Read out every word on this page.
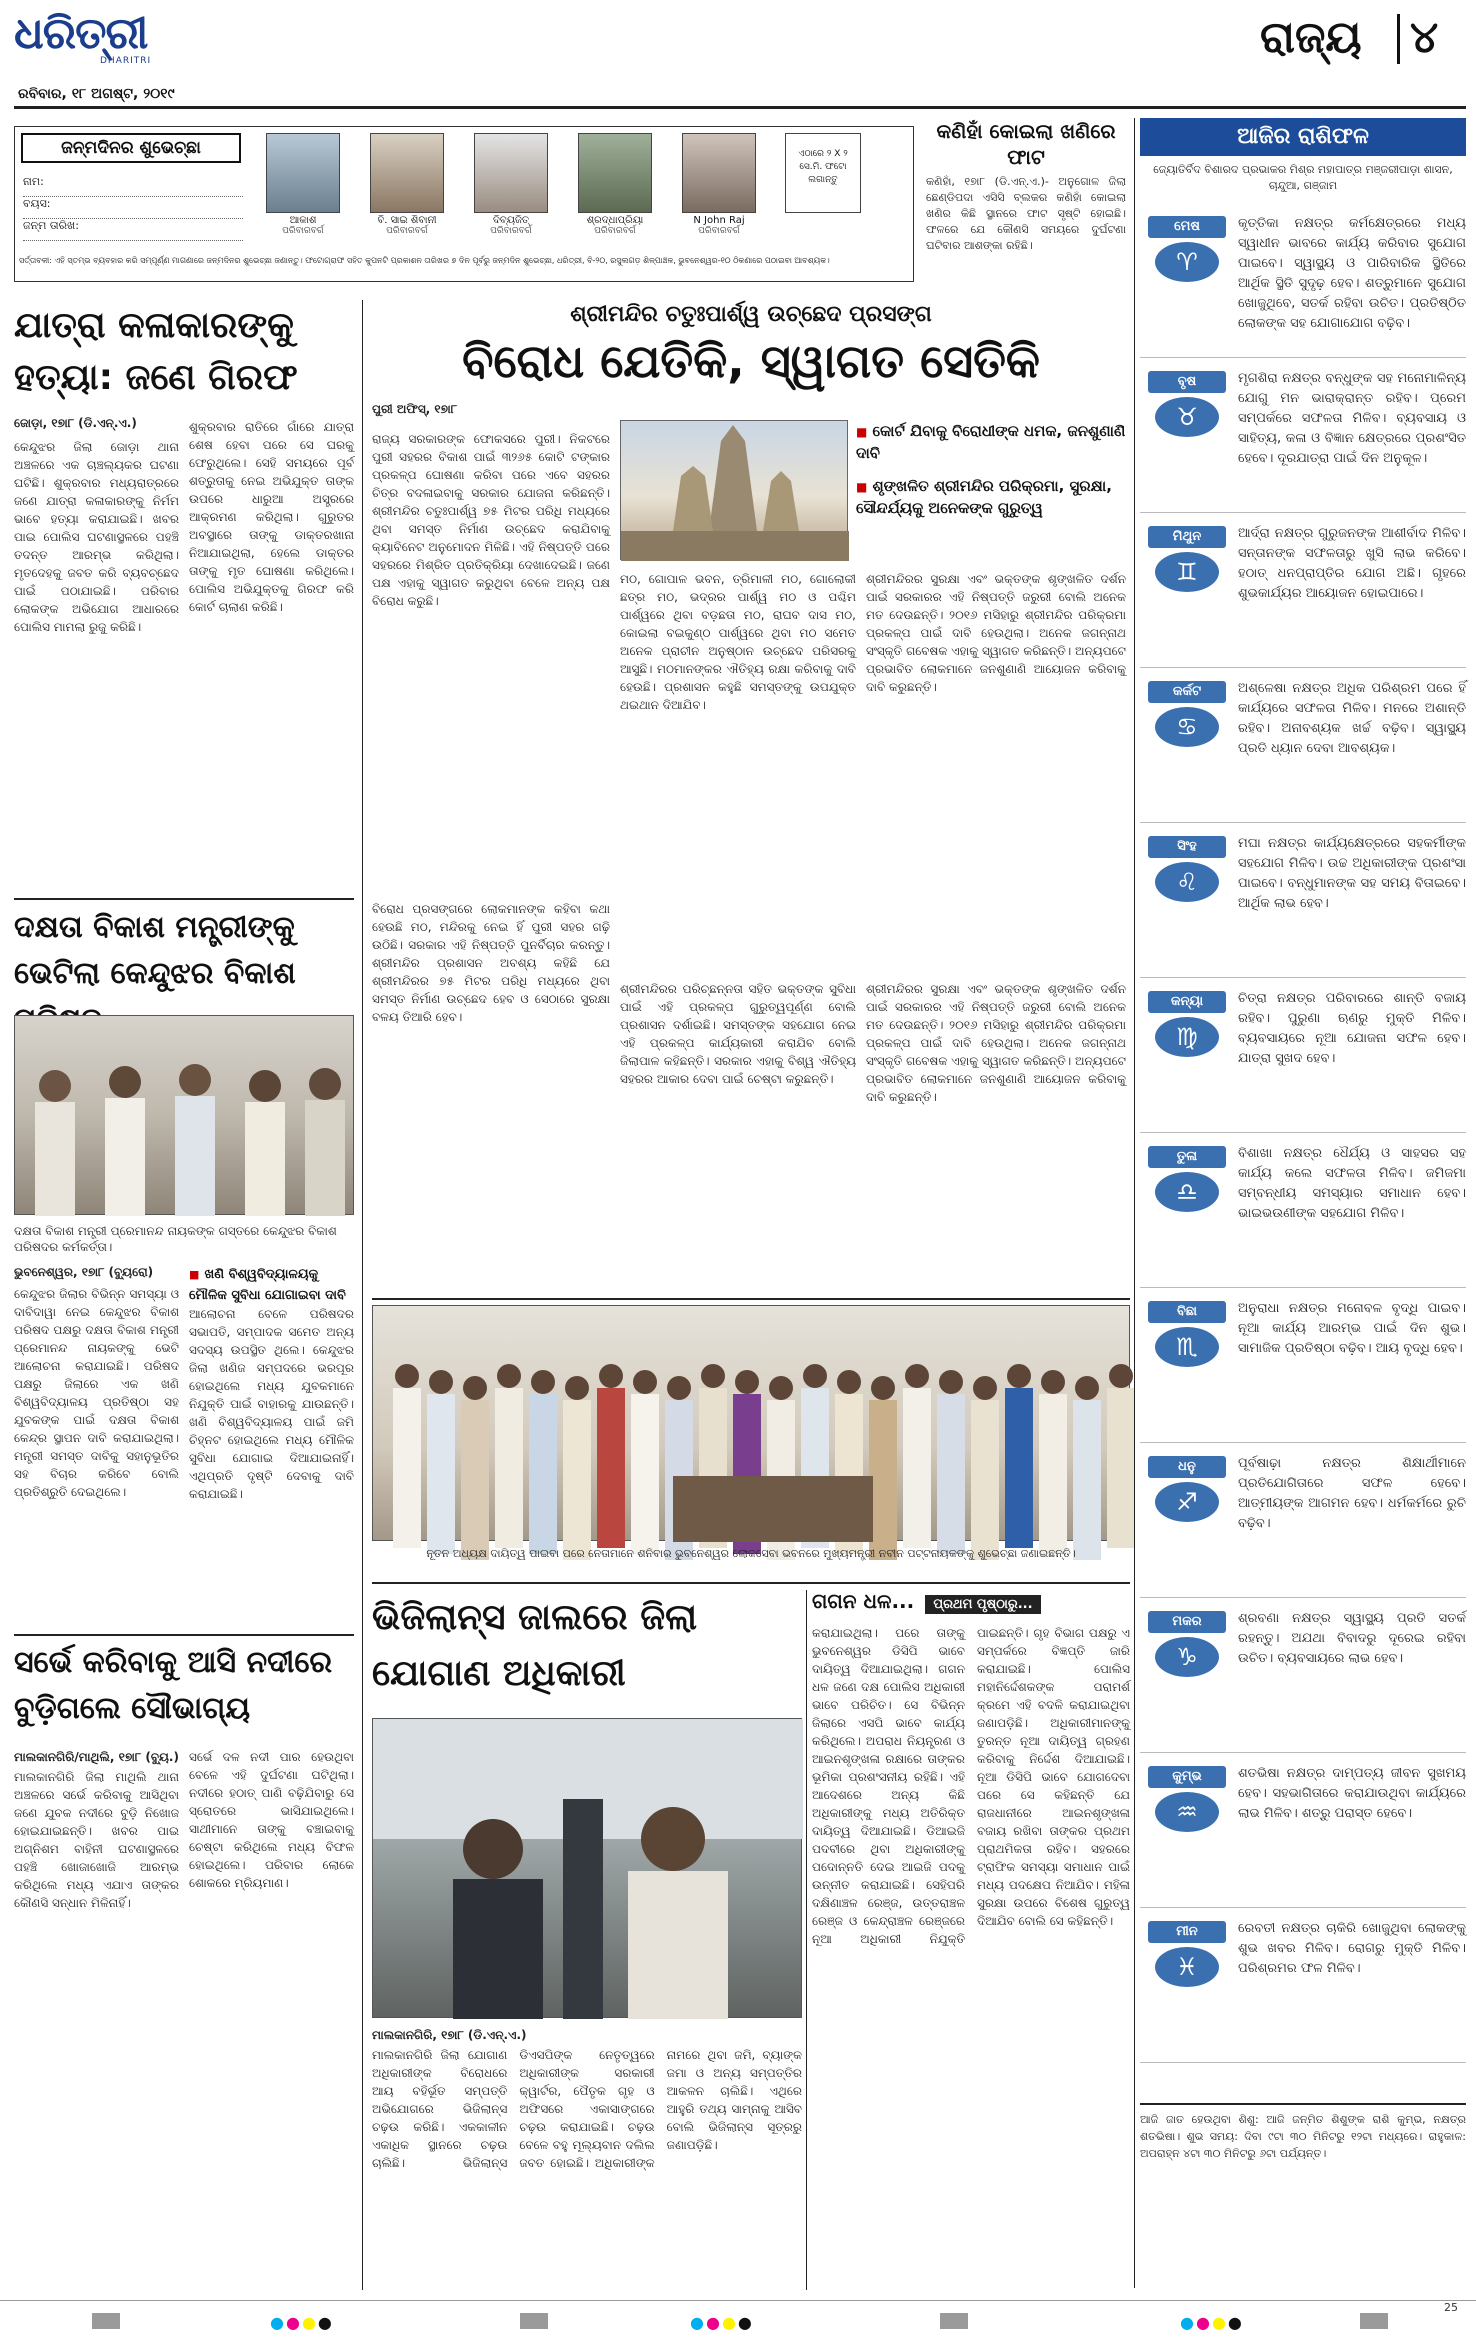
ଧରିତ୍ରୀ
DHARITRI
ରବିବାର, ୧୮ ଅଗଷ୍ଟ, ୨୦୧୯
ରାଜ୍ୟ ୪
ଜନ୍ମଦିନର ଶୁଭେଚ୍ଛା
ନାମ:
ବୟସ:
ଜନ୍ମ ତାରିଖ:	ଆକାଶ
ପରିବାରବର୍ଗ
ବି. ସାଇ ଶିବାନୀ
ପରିବାରବର୍ଗ
ଦିବ୍ୟଜିତ୍
ପରିବାରବର୍ଗ
ଶ୍ରଦ୍ଧାପ୍ରିୟା
ପରିବାରବର୍ଗ
N John Raj
ପରିବାରବର୍ଗ
ଏଠାରେ ୨ X ୨ ସେ.ମି. ଫଟୋ ଲଗାନ୍ତୁ
ସର୍ତ୍ତାବଳୀ: ଏହି ସ୍ତମ୍ଭ ବ୍ୟବହାର କରି ସମ୍ପୂର୍ଣ୍ଣ ମାଗଣାରେ ଜନ୍ମଦିନର ଶୁଭେଚ୍ଛା ଜଣାନ୍ତୁ। ଫଟୋଗ୍ରାଫ ସହିତ କୁପନଟି ପ୍ରକାଶନ ତାରିଖର ୭ ଦିନ ପୂର୍ବରୁ ଜନ୍ମଦିନ ଶୁଭେଚ୍ଛା, ଧରିତ୍ରୀ, ବି-୨୦, ରସୁଲଗଡ଼ ଶିଳ୍ପାଞ୍ଚଳ, ଭୁବନେଶ୍ୱର-୧୦ ଠିକଣାରେ ପଠାଇବା ଆବଶ୍ୟକ।
କଣିହାଁ କୋଇଲା ଖଣିରେ ଫାଟ
କଣିହାଁ, ୧୭ା୮ (ଡି.ଏନ୍.ଏ.)- ଅନୁଗୋଳ ଜିଲା ଛେଣ୍ଡିପଦା ଏସିସି ବ୍ଲକର କଣିହାଁ କୋଇଲା ଖଣିର କିଛି ସ୍ଥାନରେ ଫାଟ ସୃଷ୍ଟି ହୋଇଛି। ଫଳରେ ଯେ କୌଣସି ସମୟରେ ଦୁର୍ଘଟଣା ଘଟିବାର ଆଶଙ୍କା ରହିଛି।
ଆଜିର ରାଶିଫଳ
ଜ୍ୟୋତିର୍ବିଦ ବିଶାରଦ ପ୍ରଭାକର ମିଶ୍ର ମହାପାତ୍ର ମଞ୍ଜରୀପାଡ଼ା ଶାସନ, ଚାନ୍ଦୁଆ, ଗଞ୍ଜାମ
ମେଷ
♈
କୃତ୍ତିକା ନକ୍ଷତ୍ର କର୍ମକ୍ଷେତ୍ରରେ ମଧ୍ୟ ସ୍ୱାଧୀନ ଭାବରେ କାର୍ଯ୍ୟ କରିବାର ସୁଯୋଗ ପାଇବେ। ସ୍ୱାସ୍ଥ୍ୟ ଓ ପାରିବାରିକ ସ୍ଥିତିରେ ଆର୍ଥିକ ସ୍ଥିତି ସୁଦୃଢ଼ ହେବ। ଶତ୍ରୁମାନେ ସୁଯୋଗ ଖୋଜୁଥିବେ, ସତର୍କ ରହିବା ଉଚିତ। ପ୍ରତିଷ୍ଠିତ ଲୋକଙ୍କ ସହ ଯୋଗାଯୋଗ ବଢ଼ିବ।
ବୃଷ
♉
ମୃଗଶିରା ନକ୍ଷତ୍ର ବନ୍ଧୁଙ୍କ ସହ ମନୋମାଳିନ୍ୟ ଯୋଗୁ ମନ ଭାରାକ୍ରାନ୍ତ ରହିବ। ପ୍ରେମ ସମ୍ପର୍କରେ ସଫଳତା ମିଳିବ। ବ୍ୟବସାୟ ଓ ସାହିତ୍ୟ, କଳା ଓ ବିଜ୍ଞାନ କ୍ଷେତ୍ରରେ ପ୍ରଶଂସିତ ହେବେ। ଦୂରଯାତ୍ରା ପାଇଁ ଦିନ ଅନୁକୂଳ।
ମିଥୁନ
♊
ଆର୍ଦ୍ରା ନକ୍ଷତ୍ର ଗୁରୁଜନଙ୍କ ଆଶୀର୍ବାଦ ମିଳିବ। ସନ୍ତାନଙ୍କ ସଫଳତାରୁ ଖୁସି ଲାଭ କରିବେ। ହଠାତ୍ ଧନପ୍ରାପ୍ତିର ଯୋଗ ଅଛି। ଗୃହରେ ଶୁଭକାର୍ଯ୍ୟର ଆୟୋଜନ ହୋଇପାରେ।
କର୍କଟ
♋
ଅଶ୍ଳେଷା ନକ୍ଷତ୍ର ଅଧିକ ପରିଶ୍ରମ ପରେ ହିଁ କାର୍ଯ୍ୟରେ ସଫଳତା ମିଳିବ। ମନରେ ଅଶାନ୍ତି ରହିବ। ଅନାବଶ୍ୟକ ଖର୍ଚ୍ଚ ବଢ଼ିବ। ସ୍ୱାସ୍ଥ୍ୟ ପ୍ରତି ଧ୍ୟାନ ଦେବା ଆବଶ୍ୟକ।
ସିଂହ
♌
ମଘା ନକ୍ଷତ୍ର କାର୍ଯ୍ୟକ୍ଷେତ୍ରରେ ସହକର୍ମୀଙ୍କ ସହଯୋଗ ମିଳିବ। ଉଚ୍ଚ ଅଧିକାରୀଙ୍କ ପ୍ରଶଂସା ପାଇବେ। ବନ୍ଧୁମାନଙ୍କ ସହ ସମୟ ବିତାଇବେ। ଆର୍ଥିକ ଲାଭ ହେବ।
କନ୍ୟା
♍
ଚିତ୍ରା ନକ୍ଷତ୍ର ପରିବାରରେ ଶାନ୍ତି ବଜାୟ ରହିବ। ପୁରୁଣା ଋଣରୁ ମୁକ୍ତି ମିଳିବ। ବ୍ୟବସାୟରେ ନୂଆ ଯୋଜନା ସଫଳ ହେବ। ଯାତ୍ରା ସୁଖଦ ହେବ।
ତୁଳା
♎
ବିଶାଖା ନକ୍ଷତ୍ର ଧୈର୍ଯ୍ୟ ଓ ସାହସର ସହ କାର୍ଯ୍ୟ କଲେ ସଫଳତା ମିଳିବ। ଜମିଜମା ସମ୍ବନ୍ଧୀୟ ସମସ୍ୟାର ସମାଧାନ ହେବ। ଭାଇଭଉଣୀଙ୍କ ସହଯୋଗ ମିଳିବ।
ବିଛା
♏
ଅନୁରାଧା ନକ୍ଷତ୍ର ମନୋବଳ ବୃଦ୍ଧି ପାଇବ। ନୂଆ କାର୍ଯ୍ୟ ଆରମ୍ଭ ପାଇଁ ଦିନ ଶୁଭ। ସାମାଜିକ ପ୍ରତିଷ୍ଠା ବଢ଼ିବ। ଆୟ ବୃଦ୍ଧି ହେବ।
ଧନୁ
♐
ପୂର୍ବଷାଢ଼ା ନକ୍ଷତ୍ର ଶିକ୍ଷାର୍ଥୀମାନେ ପ୍ରତିଯୋଗିତାରେ ସଫଳ ହେବେ। ଆତ୍ମୀୟଙ୍କ ଆଗମନ ହେବ। ଧର୍ମକର୍ମରେ ରୁଚି ବଢ଼ିବ।
ମକର
♑
ଶ୍ରବଣା ନକ୍ଷତ୍ର ସ୍ୱାସ୍ଥ୍ୟ ପ୍ରତି ସତର୍କ ରହନ୍ତୁ। ଅଯଥା ବିବାଦରୁ ଦୂରେଇ ରହିବା ଉଚିତ। ବ୍ୟବସାୟରେ ଲାଭ ହେବ।
କୁମ୍ଭ
♒
ଶତଭିଷା ନକ୍ଷତ୍ର ଦାମ୍ପତ୍ୟ ଜୀବନ ସୁଖମୟ ହେବ। ସହଭାଗିତାରେ କରାଯାଉଥିବା କାର୍ଯ୍ୟରେ ଲାଭ ମିଳିବ। ଶତ୍ରୁ ପରାସ୍ତ ହେବେ।
ମୀନ
♓
ରେବତୀ ନକ୍ଷତ୍ର ଚାକିରି ଖୋଜୁଥିବା ଲୋକଙ୍କୁ ଶୁଭ ଖବର ମିଳିବ। ରୋଗରୁ ମୁକ୍ତି ମିଳିବ। ପରିଶ୍ରମର ଫଳ ମିଳିବ।
ଆଜି ଜାତ ହେଉଥିବା ଶିଶୁ: ଆଜି ଜନ୍ମିତ ଶିଶୁଙ୍କ ରାଶି କୁମ୍ଭ, ନକ୍ଷତ୍ର ଶତଭିଷା। ଶୁଭ ସମୟ: ଦିବା ୯ଟା ୩୦ ମିନିଟରୁ ୧୨ଟା ମଧ୍ୟରେ। ରାହୁକାଳ: ଅପରାହ୍ନ ୪ଟା ୩୦ ମିନିଟରୁ ୬ଟା ପର୍ଯ୍ୟନ୍ତ।
ଯାତ୍ରା କଳାକାରଙ୍କୁ ହତ୍ୟା: ଜଣେ ଗିରଫ
ଜୋଡ଼ା, ୧୭ା୮ (ଡି.ଏନ୍.ଏ.)
କେନ୍ଦୁଝର ଜିଲା ଜୋଡ଼ା ଥାନା ଅଞ୍ଚଳରେ ଏକ ଚାଞ୍ଚଲ୍ୟକର ଘଟଣା ଘଟିଛି। ଶୁକ୍ରବାର ମଧ୍ୟରାତ୍ରରେ ଜଣେ ଯାତ୍ରା କଳାକାରଙ୍କୁ ନିର୍ମମ ଭାବେ ହତ୍ୟା କରାଯାଇଛି। ଖବର ପାଇ ପୋଲିସ ଘଟଣାସ୍ଥଳରେ ପହଞ୍ଚି ତଦନ୍ତ ଆରମ୍ଭ କରିଥିଲା। ମୃତଦେହକୁ ଜବତ କରି ବ୍ୟବଚ୍ଛେଦ ପାଇଁ ପଠାଯାଇଛି। ପରିବାର ଲୋକଙ୍କ ଅଭିଯୋଗ ଆଧାରରେ ପୋଲିସ ମାମଲା ରୁଜୁ କରିଛି।
ଶୁକ୍ରବାର ରାତିରେ ଗାଁରେ ଯାତ୍ରା ଶେଷ ହେବା ପରେ ସେ ଘରକୁ ଫେରୁଥିଲେ। ସେହି ସମୟରେ ପୂର୍ବ ଶତ୍ରୁତାକୁ ନେଇ ଅଭିଯୁକ୍ତ ତାଙ୍କ ଉପରେ ଧାରୁଆ ଅସ୍ତ୍ରରେ ଆକ୍ରମଣ କରିଥିଲା। ଗୁରୁତର ଅବସ୍ଥାରେ ତାଙ୍କୁ ଡାକ୍ତରଖାନା ନିଆଯାଇଥିଲା, ହେଲେ ଡାକ୍ତର ତାଙ୍କୁ ମୃତ ଘୋଷଣା କରିଥିଲେ। ପୋଲିସ ଅଭିଯୁକ୍ତକୁ ଗିରଫ କରି କୋର୍ଟ ଚାଲାଣ କରିଛି।
ଶ୍ରୀମନ୍ଦିର ଚତୁଃପାର୍ଶ୍ୱ ଉଚ୍ଛେଦ ପ୍ରସଙ୍ଗ
ବିରୋଧ ଯେତିକି, ସ୍ୱାଗତ ସେତିକି
ପୁରୀ ଅଫିସ୍, ୧୭ା୮
■ କୋର୍ଟ ଯିବାକୁ ବିରୋଧୀଙ୍କ ଧମକ, ଜନଶୁଣାଣି ଦାବି
■ ଶୃଙ୍ଖଳିତ ଶ୍ରୀମନ୍ଦିର ପରିକ୍ରମା, ସୁରକ୍ଷା, ସୌନ୍ଦର୍ଯ୍ୟକୁ ଅନେକଙ୍କ ଗୁରୁତ୍ୱ
ରାଜ୍ୟ ସରକାରଙ୍କ ଫୋକସରେ ପୁରୀ। ନିକଟରେ ପୁରୀ ସହରର ବିକାଶ ପାଇଁ ୩୨୬୫ କୋଟି ଟଙ୍କାର ପ୍ରକଳ୍ପ ଘୋଷଣା କରିବା ପରେ ଏବେ ସହରର ଚିତ୍ର ବଦଳାଇବାକୁ ସରକାର ଯୋଜନା କରିଛନ୍ତି। ଶ୍ରୀମନ୍ଦିର ଚତୁଃପାର୍ଶ୍ୱ ୭୫ ମିଟର ପରିଧି ମଧ୍ୟରେ ଥିବା ସମସ୍ତ ନିର୍ମାଣ ଉଚ୍ଛେଦ କରାଯିବାକୁ କ୍ୟାବିନେଟ ଅନୁମୋଦନ ମିଳିଛି। ଏହି ନିଷ୍ପତ୍ତି ପରେ ସହରରେ ମିଶ୍ରିତ ପ୍ରତିକ୍ରିୟା ଦେଖାଦେଇଛି। ଜଣେ ପକ୍ଷ ଏହାକୁ ସ୍ୱାଗତ କରୁଥିବା ବେଳେ ଅନ୍ୟ ପକ୍ଷ ବିରୋଧ କରୁଛି।
ମଠ, ଗୋପାଳ ଭବନ, ତ୍ରିମାଳୀ ମଠ, ଗୋଲୋକୀ ଛତ୍ର ମଠ, ଭଦ୍ରର ପାର୍ଶ୍ୱ ମଠ ଓ ପଶ୍ଚିମ ପାର୍ଶ୍ୱରେ ଥିବା ବଡ଼ଛତା ମଠ, ରାଘବ ଦାସ ମଠ, କୋଇଲା ବଇକୁଣ୍ଠ ପାର୍ଶ୍ୱରେ ଥିବା ମଠ ସମେତ ଅନେକ ପ୍ରାଚୀନ ଅନୁଷ୍ଠାନ ଉଚ୍ଛେଦ ପରିସରକୁ ଆସୁଛି। ମଠମାନଙ୍କର ଐତିହ୍ୟ ରକ୍ଷା କରିବାକୁ ଦାବି ହେଉଛି। ପ୍ରଶାସନ କହୁଛି ସମସ୍ତଙ୍କୁ ଉପଯୁକ୍ତ ଥଇଥାନ ଦିଆଯିବ।
ଶ୍ରୀମନ୍ଦିରର ସୁରକ୍ଷା ଏବଂ ଭକ୍ତଙ୍କ ଶୃଙ୍ଖଳିତ ଦର୍ଶନ ପାଇଁ ସରକାରର ଏହି ନିଷ୍ପତ୍ତି ଜରୁରୀ ବୋଲି ଅନେକ ମତ ଦେଉଛନ୍ତି। ୨୦୧୬ ମସିହାରୁ ଶ୍ରୀମନ୍ଦିର ପରିକ୍ରମା ପ୍ରକଳ୍ପ ପାଇଁ ଦାବି ହେଉଥିଲା। ଅନେକ ଜଗନ୍ନାଥ ସଂସ୍କୃତି ଗବେଷକ ଏହାକୁ ସ୍ୱାଗତ କରିଛନ୍ତି। ଅନ୍ୟପଟେ ପ୍ରଭାବିତ ଲୋକମାନେ ଜନଶୁଣାଣି ଆୟୋଜନ କରିବାକୁ ଦାବି କରୁଛନ୍ତି।
ବିରୋଧ ପ୍ରସଙ୍ଗରେ ଲୋକମାନଙ୍କ କହିବା କଥା ହେଉଛି ମଠ, ମନ୍ଦିରକୁ ନେଇ ହିଁ ପୁରୀ ସହର ଗଢ଼ି ଉଠିଛି। ସରକାର ଏହି ନିଷ୍ପତ୍ତି ପୁନର୍ବିଚାର କରନ୍ତୁ। ଶ୍ରୀମନ୍ଦିର ପ୍ରଶାସନ ଅବଶ୍ୟ କହିଛି ଯେ ଶ୍ରୀମନ୍ଦିରର ୭୫ ମିଟର ପରିଧି ମଧ୍ୟରେ ଥିବା ସମସ୍ତ ନିର୍ମାଣ ଉଚ୍ଛେଦ ହେବ ଓ ସେଠାରେ ସୁରକ୍ଷା ବଳୟ ତିଆରି ହେବ।
ଶ୍ରୀମନ୍ଦିରର ପରିଚ୍ଛନ୍ନତା ସହିତ ଭକ୍ତଙ୍କ ସୁବିଧା ପାଇଁ ଏହି ପ୍ରକଳ୍ପ ଗୁରୁତ୍ୱପୂର୍ଣ୍ଣ ବୋଲି ପ୍ରଶାସନ ଦର୍ଶାଇଛି। ସମସ୍ତଙ୍କ ସହଯୋଗ ନେଇ ଏହି ପ୍ରକଳ୍ପ କାର୍ଯ୍ୟକାରୀ କରାଯିବ ବୋଲି ଜିଲାପାଳ କହିଛନ୍ତି। ସରକାର ଏହାକୁ ବିଶ୍ୱ ଐତିହ୍ୟ ସହରର ଆକାର ଦେବା ପାଇଁ ଚେଷ୍ଟା କରୁଛନ୍ତି।
ଶ୍ରୀମନ୍ଦିରର ସୁରକ୍ଷା ଏବଂ ଭକ୍ତଙ୍କ ଶୃଙ୍ଖଳିତ ଦର୍ଶନ ପାଇଁ ସରକାରର ଏହି ନିଷ୍ପତ୍ତି ଜରୁରୀ ବୋଲି ଅନେକ ମତ ଦେଉଛନ୍ତି। ୨୦୧୬ ମସିହାରୁ ଶ୍ରୀମନ୍ଦିର ପରିକ୍ରମା ପ୍ରକଳ୍ପ ପାଇଁ ଦାବି ହେଉଥିଲା। ଅନେକ ଜଗନ୍ନାଥ ସଂସ୍କୃତି ଗବେଷକ ଏହାକୁ ସ୍ୱାଗତ କରିଛନ୍ତି। ଅନ୍ୟପଟେ ପ୍ରଭାବିତ ଲୋକମାନେ ଜନଶୁଣାଣି ଆୟୋଜନ କରିବାକୁ ଦାବି କରୁଛନ୍ତି।
ଦକ୍ଷତା ବିକାଶ ମନ୍ତ୍ରୀଙ୍କୁ ଭେଟିଲା କେନ୍ଦୁଝର ବିକାଶ
ଦକ୍ଷତା ବିକାଶ ମନ୍ତ୍ରୀ ପ୍ରେମାନନ୍ଦ ନାୟକଙ୍କ ଗସ୍ତରେ କେନ୍ଦୁଝର ବିକାଶ ପରିଷଦର କର୍ମକର୍ତ୍ତା।
ଭୁବନେଶ୍ୱର, ୧୭ା୮ (ବ୍ୟୁରୋ)	■ ଖଣି ବିଶ୍ୱବିଦ୍ୟାଳୟକୁ ମୌଳିକ ସୁବିଧା ଯୋଗାଇବା ଦାବି
କେନ୍ଦୁଝର ଜିଲାର ବିଭିନ୍ନ ସମସ୍ୟା ଓ ଦାବିଦାୱା ନେଇ କେନ୍ଦୁଝର ବିକାଶ ପରିଷଦ ପକ୍ଷରୁ ଦକ୍ଷତା ବିକାଶ ମନ୍ତ୍ରୀ ପ୍ରେମାନନ୍ଦ ନାୟକଙ୍କୁ ଭେଟି ଆଲୋଚନା କରାଯାଇଛି। ପରିଷଦ ପକ୍ଷରୁ ଜିଲାରେ ଏକ ଖଣି ବିଶ୍ୱବିଦ୍ୟାଳୟ ପ୍ରତିଷ୍ଠା ସହ ଯୁବକଙ୍କ ପାଇଁ ଦକ୍ଷତା ବିକାଶ କେନ୍ଦ୍ର ସ୍ଥାପନ ଦାବି କରାଯାଇଥିଲା। ମନ୍ତ୍ରୀ ସମସ୍ତ ଦାବିକୁ ସହାନୁଭୂତିର ସହ ବିଚାର କରିବେ ବୋଲି ପ୍ରତିଶ୍ରୁତି ଦେଇଥିଲେ।
ଆଲୋଚନା ବେଳେ ପରିଷଦର ସଭାପତି, ସମ୍ପାଦକ ସମେତ ଅନ୍ୟ ସଦସ୍ୟ ଉପସ୍ଥିତ ଥିଲେ। କେନ୍ଦୁଝର ଜିଲା ଖଣିଜ ସମ୍ପଦରେ ଭରପୂର ହୋଇଥିଲେ ମଧ୍ୟ ଯୁବକମାନେ ନିଯୁକ୍ତି ପାଇଁ ବାହାରକୁ ଯାଉଛନ୍ତି। ଖଣି ବିଶ୍ୱବିଦ୍ୟାଳୟ ପାଇଁ ଜମି ଚିହ୍ନଟ ହୋଇଥିଲେ ମଧ୍ୟ ମୌଳିକ ସୁବିଧା ଯୋଗାଇ ଦିଆଯାଇନାହିଁ। ଏଥିପ୍ରତି ଦୃଷ୍ଟି ଦେବାକୁ ଦାବି କରାଯାଇଛି।
ନୂତନ ଅଧ୍ୟକ୍ଷ ଦାୟିତ୍ୱ ପାଇବା ପରେ ନେତାମାନେ ଶନିବାର ଭୁବନେଶ୍ୱର ଲୋକସେବା ଭବନରେ ମୁଖ୍ୟମନ୍ତ୍ରୀ ନବୀନ ପଟ୍ଟନାୟକଙ୍କୁ ଶୁଭେଚ୍ଛା ଜଣାଇଛନ୍ତି।
ଭିଜିଲାନ୍ସ ଜାଲରେ ଜିଲା ଯୋଗାଣ ଅଧିକାରୀ
ମାଲକାନଗିରି, ୧୭ା୮ (ଡି.ଏନ୍.ଏ.)
ମାଲକାନଗିରି ଜିଲା ଯୋଗାଣ ଅଧିକାରୀଙ୍କ ବିରୋଧରେ ଆୟ ବହିର୍ଭୂତ ସମ୍ପତ୍ତି ଅଭିଯୋଗରେ ଭିଜିଲାନ୍ସ ଚଢ଼ଉ କରିଛି। ଏକକାଳୀନ ଏକାଧିକ ସ୍ଥାନରେ ଚଢ଼ଉ ଚାଲିଛି। ଭିଜିଲାନ୍ସ ଡିଏସପିଙ୍କ ନେତୃତ୍ୱରେ ଅଧିକାରୀଙ୍କ ସରକାରୀ କ୍ୱାର୍ଟର, ପୈତୃକ ଗୃହ ଓ ଅଫିସରେ ଏକାସାଙ୍ଗରେ ଚଢ଼ଉ କରାଯାଇଛି। ଚଢ଼ଉ ବେଳେ ବହୁ ମୂଲ୍ୟବାନ ଦଲିଲ ଜବତ ହୋଇଛି। ଅଧିକାରୀଙ୍କ ନାମରେ ଥିବା ଜମି, ବ୍ୟାଙ୍କ ଜମା ଓ ଅନ୍ୟ ସମ୍ପତ୍ତିର ଆକଳନ ଚାଲିଛି। ଏଥିରେ ଆହୁରି ତଥ୍ୟ ସାମ୍ନାକୁ ଆସିବ ବୋଲି ଭିଜିଲାନ୍ସ ସୂତ୍ରରୁ ଜଣାପଡ଼ିଛି।
ଗଗନ ଧଳ... ପ୍ରଥମ ପୃଷ୍ଠାରୁ...
କରାଯାଇଥିଲା। ପରେ ତାଙ୍କୁ ଭୁବନେଶ୍ୱର ଡିସିପି ଭାବେ ଦାୟିତ୍ୱ ଦିଆଯାଇଥିଲା। ଗଗନ ଧଳ ଜଣେ ଦକ୍ଷ ପୋଲିସ ଅଧିକାରୀ ଭାବେ ପରିଚିତ। ସେ ବିଭିନ୍ନ ଜିଲାରେ ଏସପି ଭାବେ କାର୍ଯ୍ୟ କରିଥିଲେ। ଅପରାଧ ନିୟନ୍ତ୍ରଣ ଓ ଆଇନଶୃଙ୍ଖଳା ରକ୍ଷାରେ ତାଙ୍କର ଭୂମିକା ପ୍ରଶଂସନୀୟ ରହିଛି। ଏହି ଆଦେଶରେ ଅନ୍ୟ କିଛି ଅଧିକାରୀଙ୍କୁ ମଧ୍ୟ ଅତିରିକ୍ତ ଦାୟିତ୍ୱ ଦିଆଯାଇଛି। ଡିଆଇଜି ପଦବୀରେ ଥିବା ଅଧିକାରୀଙ୍କୁ ପଦୋନ୍ନତି ଦେଇ ଆଇଜି ପଦକୁ ଉନ୍ନୀତ କରାଯାଇଛି। ସେହିପରି ଦକ୍ଷିଣାଞ୍ଚଳ ରେଞ୍ଜ, ଉତ୍ତରାଞ୍ଚଳ ରେଞ୍ଜ ଓ କେନ୍ଦ୍ରାଞ୍ଚଳ ରେଞ୍ଜରେ ନୂଆ ଅଧିକାରୀ ନିଯୁକ୍ତି ପାଇଛନ୍ତି। ଗୃହ ବିଭାଗ ପକ୍ଷରୁ ଏ ସମ୍ପର୍କରେ ବିଜ୍ଞପ୍ତି ଜାରି କରାଯାଇଛି। ପୋଲିସ ମହାନିର୍ଦ୍ଦେଶକଙ୍କ ପରାମର୍ଶ କ୍ରମେ ଏହି ବଦଳି କରାଯାଇଥିବା ଜଣାପଡ଼ିଛି। ଅଧିକାରୀମାନଙ୍କୁ ତୁରନ୍ତ ନୂଆ ଦାୟିତ୍ୱ ଗ୍ରହଣ କରିବାକୁ ନିର୍ଦ୍ଦେଶ ଦିଆଯାଇଛି। ନୂଆ ଡିସିପି ଭାବେ ଯୋଗଦେବା ପରେ ସେ କହିଛନ୍ତି ଯେ ରାଜଧାନୀରେ ଆଇନଶୃଙ୍ଖଳା ବଜାୟ ରଖିବା ତାଙ୍କର ପ୍ରଥମ ପ୍ରାଥମିକତା ରହିବ। ସହରରେ ଟ୍ରାଫିକ ସମସ୍ୟା ସମାଧାନ ପାଇଁ ମଧ୍ୟ ପଦକ୍ଷେପ ନିଆଯିବ। ମହିଳା ସୁରକ୍ଷା ଉପରେ ବିଶେଷ ଗୁରୁତ୍ୱ ଦିଆଯିବ ବୋଲି ସେ କହିଛନ୍ତି।
ସର୍ଭେ କରିବାକୁ ଆସି ନଦୀରେ ବୁଡ଼ିଗଲେ ସୌଭାଗ୍ୟ
ମାଲକାନଗିରି/ମାଥିଲି, ୧୭ା୮ (ବ୍ୟୁ.)
ମାଲକାନଗିରି ଜିଲା ମାଥିଲି ଥାନା ଅଞ୍ଚଳରେ ସର୍ଭେ କରିବାକୁ ଆସିଥିବା ଜଣେ ଯୁବକ ନଦୀରେ ବୁଡ଼ି ନିଖୋଜ ହୋଇଯାଇଛନ୍ତି। ଖବର ପାଇ ଅଗ୍ନିଶମ ବାହିନୀ ଘଟଣାସ୍ଥଳରେ ପହଞ୍ଚି ଖୋଜାଖୋଜି ଆରମ୍ଭ କରିଥିଲେ ମଧ୍ୟ ଏଯାଏ ତାଙ୍କର କୌଣସି ସନ୍ଧାନ ମିଳିନାହିଁ।
ସର୍ଭେ ଦଳ ନଦୀ ପାର ହେଉଥିବା ବେଳେ ଏହି ଦୁର୍ଘଟଣା ଘଟିଥିଲା। ନଦୀରେ ହଠାତ୍ ପାଣି ବଢ଼ିଯିବାରୁ ସେ ସ୍ରୋତରେ ଭାସିଯାଇଥିଲେ। ସାଥୀମାନେ ତାଙ୍କୁ ବଞ୍ଚାଇବାକୁ ଚେଷ୍ଟା କରିଥିଲେ ମଧ୍ୟ ବିଫଳ ହୋଇଥିଲେ। ପରିବାର ଲୋକେ ଶୋକରେ ମ୍ରିୟମାଣ।
●●●●	●●●●	●●●●
25
